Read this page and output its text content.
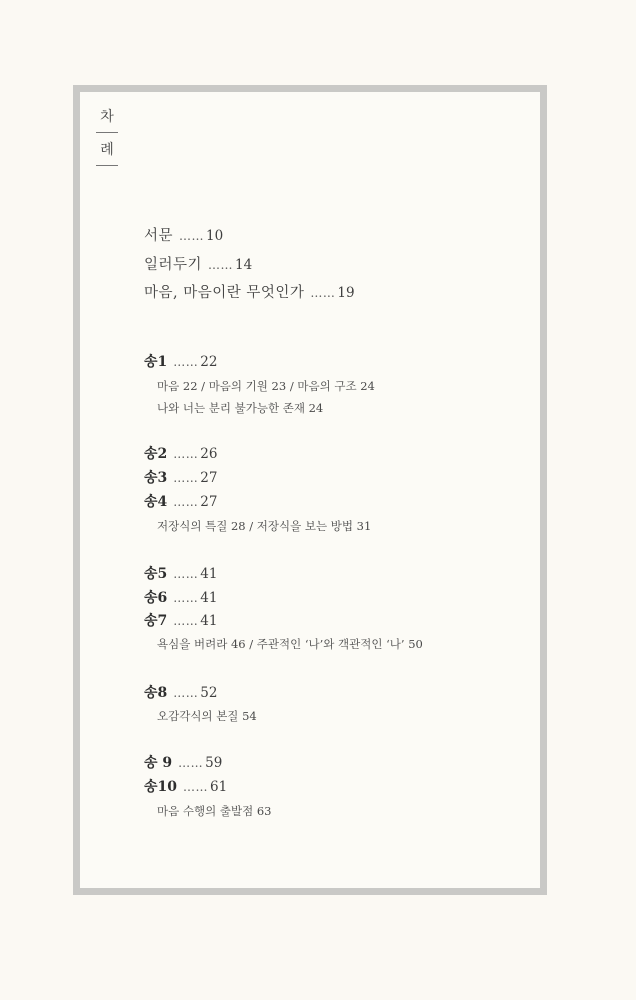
차
례
서문 …… 10
일러두기 …… 14
마음, 마음이란 무엇인가 …… 19
송1 …… 22
마음 22 / 마음의 기원 23 / 마음의 구조 24
나와 너는 분리 불가능한 존재 24
송2 …… 26
송3 …… 27
송4 …… 27
저장식의 특질 28 / 저장식을 보는 방법 31
송5 …… 41
송6 …… 41
송7 …… 41
욕심을 버려라 46 / 주관적인 ‘나’와 객관적인 ‘나’ 50
송8 …… 52
오감각식의 본질 54
송 9 …… 59
송10 …… 61
마음 수행의 출발점 63
